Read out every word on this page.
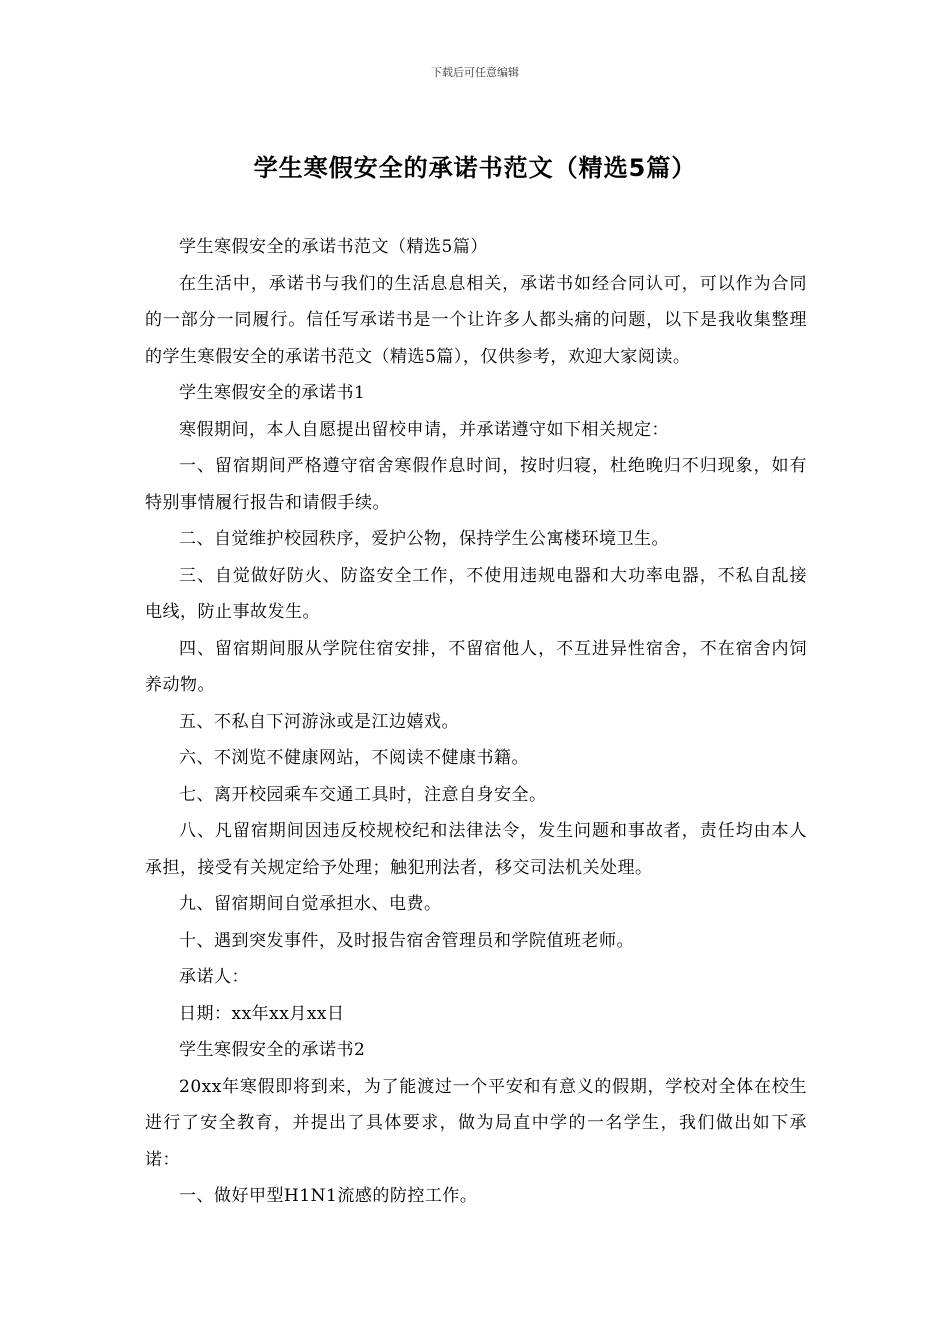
下载后可任意编辑
学生寒假安全的承诺书范文（精选5篇）

学生寒假安全的承诺书范文（精选5篇）

在生活中，承诺书与我们的生活息息相关，承诺书如经合同认可，可以作为合同的一部分一同履行。信任写承诺书是一个让许多人都头痛的问题，以下是我收集整理的学生寒假安全的承诺书范文（精选5篇），仅供参考，欢迎大家阅读。

学生寒假安全的承诺书1

寒假期间，本人自愿提出留校申请，并承诺遵守如下相关规定：

一、留宿期间严格遵守宿舍寒假作息时间，按时归寝，杜绝晚归不归现象，如有特别事情履行报告和请假手续。

二、自觉维护校园秩序，爱护公物，保持学生公寓楼环境卫生。

三、自觉做好防火、防盗安全工作，不使用违规电器和大功率电器，不私自乱接电线，防止事故发生。

四、留宿期间服从学院住宿安排，不留宿他人，不互进异性宿舍，不在宿舍内饲养动物。

五、不私自下河游泳或是江边嬉戏。

六、不浏览不健康网站，不阅读不健康书籍。

七、离开校园乘车交通工具时，注意自身安全。

八、凡留宿期间因违反校规校纪和法律法令，发生问题和事故者，责任均由本人承担，接受有关规定给予处理；触犯刑法者，移交司法机关处理。

九、留宿期间自觉承担水、电费。

十、遇到突发事件，及时报告宿舍管理员和学院值班老师。

承诺人：

日期：xx年xx月xx日

学生寒假安全的承诺书2

20xx年寒假即将到来，为了能渡过一个平安和有意义的假期，学校对全体在校生进行了安全教育，并提出了具体要求，做为局直中学的一名学生，我们做出如下承诺：

一、做好甲型H1N1流感的防控工作。
